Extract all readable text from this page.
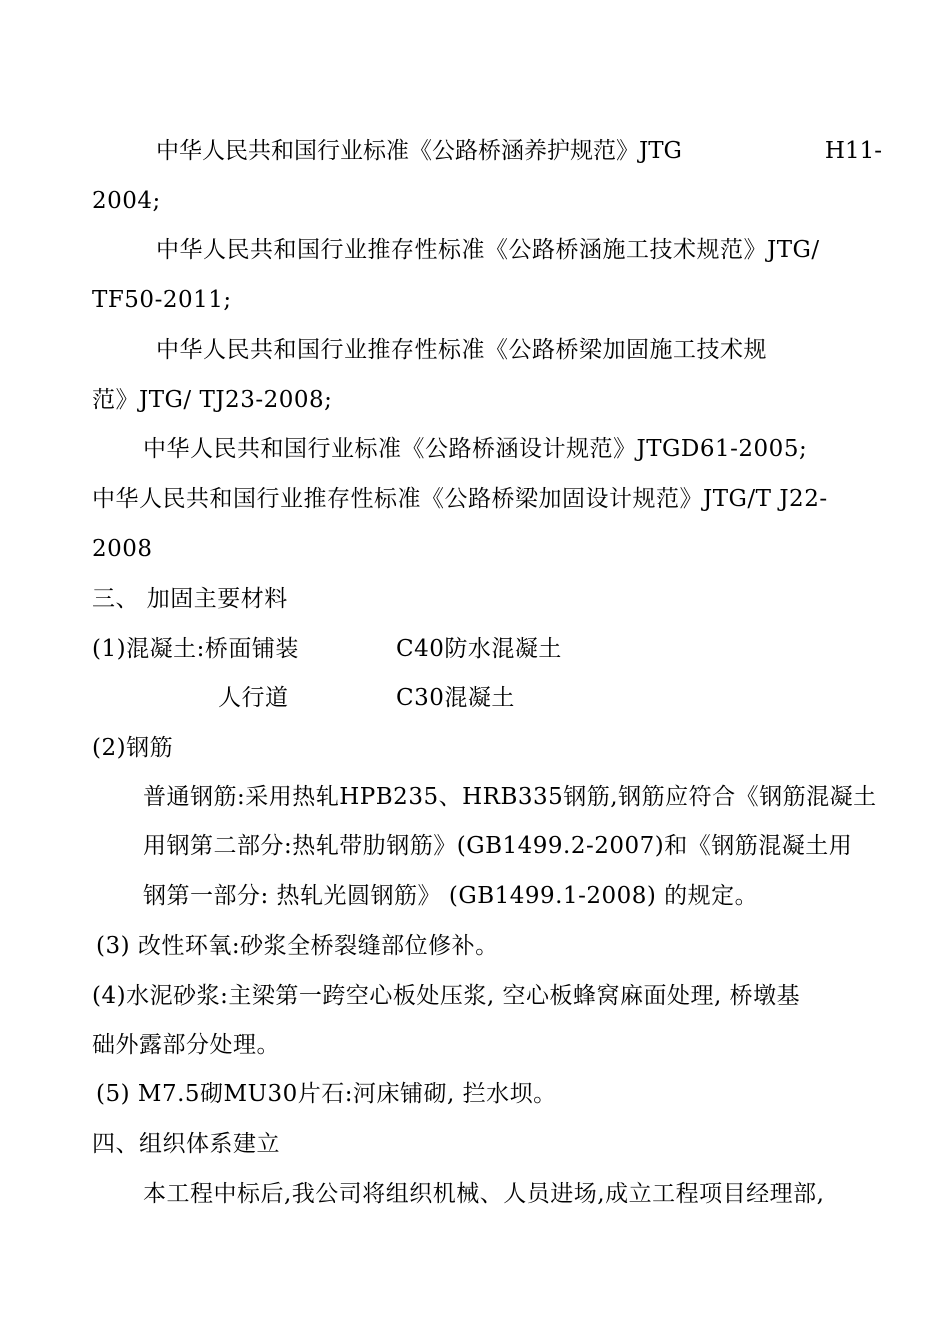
中华人民共和国行业标准《公路桥涵养护规范》JTG	H11-
2004;
中华人民共和国行业推存性标准《公路桥涵施工技术规范》JTG/
TF50-2011;
中华人民共和国行业推存性标准《公路桥梁加固施工技术规
范》JTG/ TJ23-2008;
中华人民共和国行业标准《公路桥涵设计规范》JTGD61-2005;
中华人民共和国行业推存性标准《公路桥梁加固设计规范》JTG/T J22-
2008
三、 加固主要材料
(1)混凝土:桥面铺装	C40防水混凝土
人行道	C30混凝土
(2)钢筋
普通钢筋:采用热轧HPB235、HRB335钢筋,钢筋应符合《钢筋混凝土
用钢第二部分:热轧带肋钢筋》(GB1499.2-2007)和《钢筋混凝土用
钢第一部分: 热轧光圆钢筋》 (GB1499.1-2008) 的规定。
(3) 改性环氧:砂浆全桥裂缝部位修补。
(4)水泥砂浆:主梁第一跨空心板处压浆, 空心板蜂窝麻面处理, 桥墩基
础外露部分处理。
(5) M7.5砌MU30片石:河床铺砌, 拦水坝。
四、组织体系建立
本工程中标后,我公司将组织机械、人员进场,成立工程项目经理部,
